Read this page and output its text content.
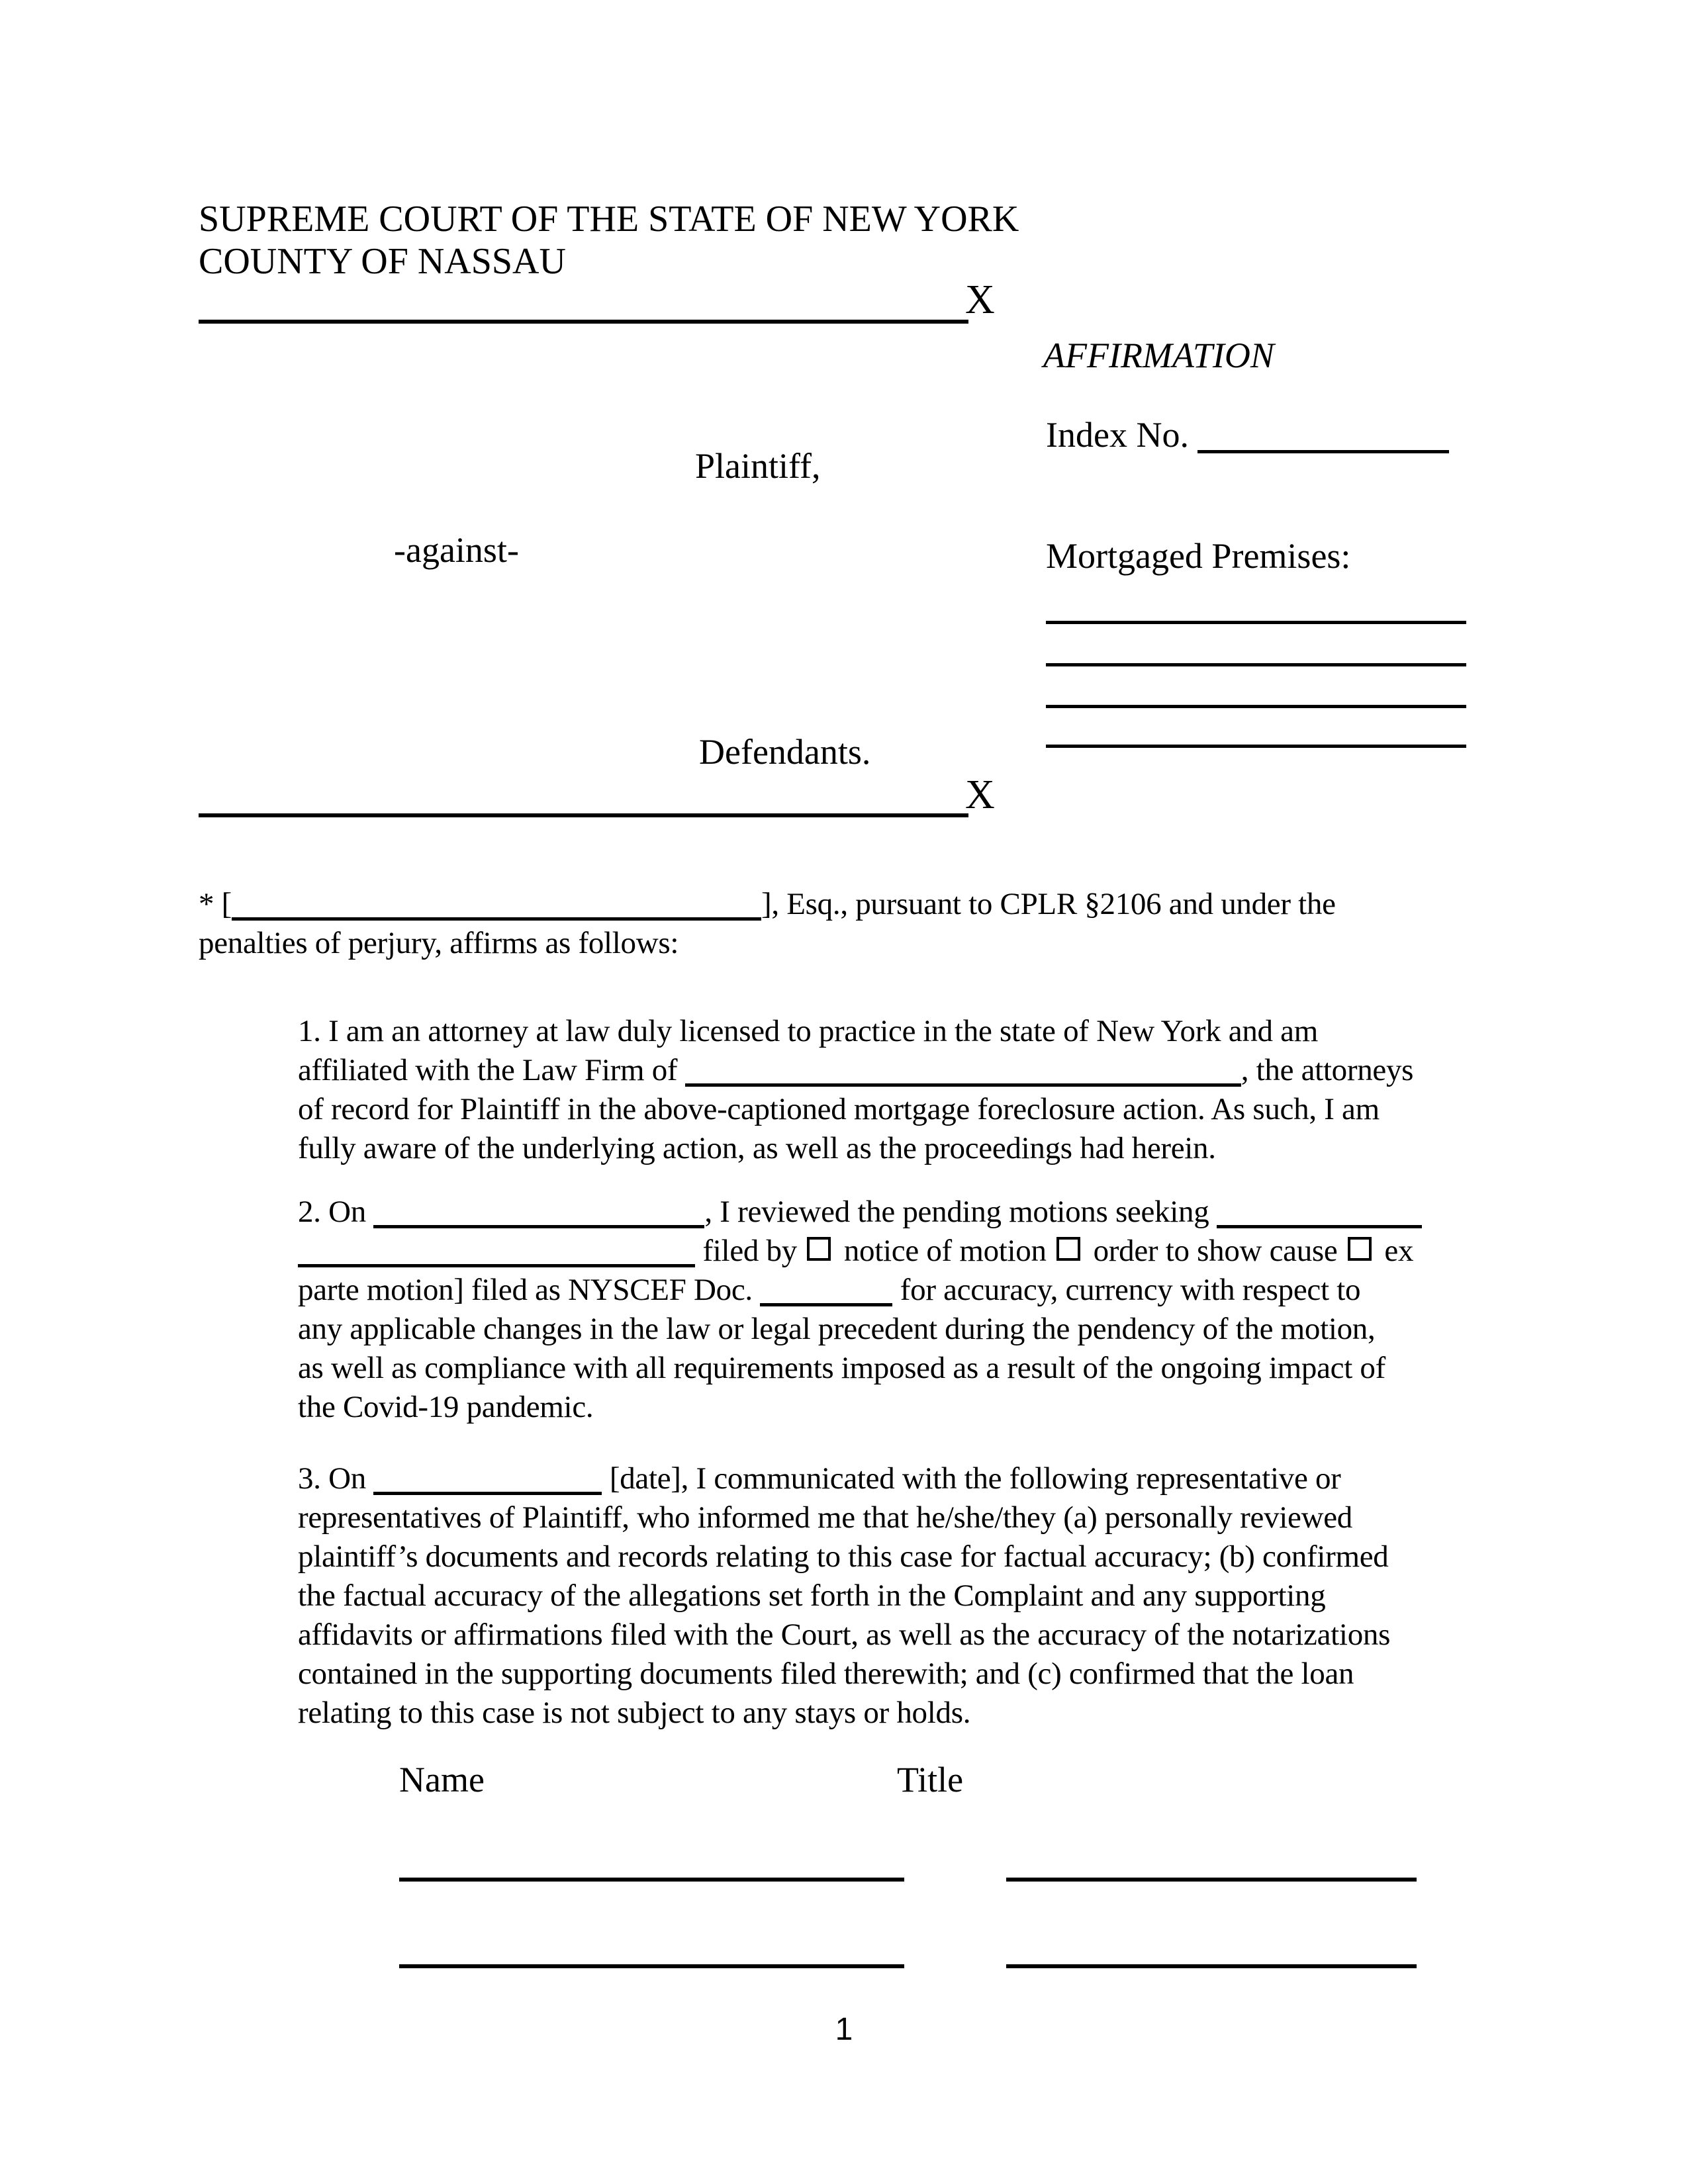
SUPREME COURT OF THE STATE OF NEW YORK
COUNTY OF NASSAU
X
AFFIRMATION
Index No.
Mortgaged Premises:
Plaintiff,
-against-
Defendants.
X
* [	], Esq., pursuant to CPLR §2106 and under the
penalties of perjury, affirms as follows:
1. I am an attorney at law duly licensed to practice in the state of New York and am
affiliated with the Law Firm of	, the attorneys
of record for Plaintiff in the above-captioned mortgage foreclosure action. As such, I am
fully aware of the underlying action, as well as the proceedings had herein.
2. On	, I reviewed the pending motions seeking
filed by  notice of motion  order to show cause  ex
parte motion] filed as NYSCEF Doc.	for accuracy, currency with respect to
any applicable changes in the law or legal precedent during the pendency of the motion,
as well as compliance with all requirements imposed as a result of the ongoing impact of
the Covid-19 pandemic.
3. On	[date], I communicated with the following representative or
representatives of Plaintiff, who informed me that he/she/they (a) personally reviewed
plaintiff’s documents and records relating to this case for factual accuracy; (b) confirmed
the factual accuracy of the allegations set forth in the Complaint and any supporting
affidavits or affirmations filed with the Court, as well as the accuracy of the notarizations
contained in the supporting documents filed therewith; and (c) confirmed that the loan
relating to this case is not subject to any stays or holds.
Name	Title
1
